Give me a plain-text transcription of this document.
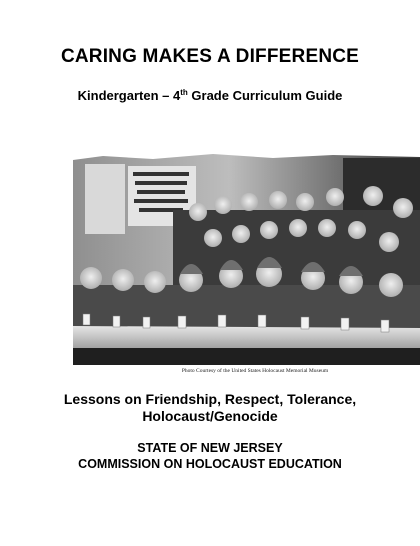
CARING MAKES A DIFFERENCE
Kindergarten – 4th Grade Curriculum Guide
Photo Courtesy of the United States Holocaust Memorial Museum
Lessons on Friendship, Respect, Tolerance,
Holocaust/Genocide
STATE OF NEW JERSEY
COMMISSION ON HOLOCAUST EDUCATION
